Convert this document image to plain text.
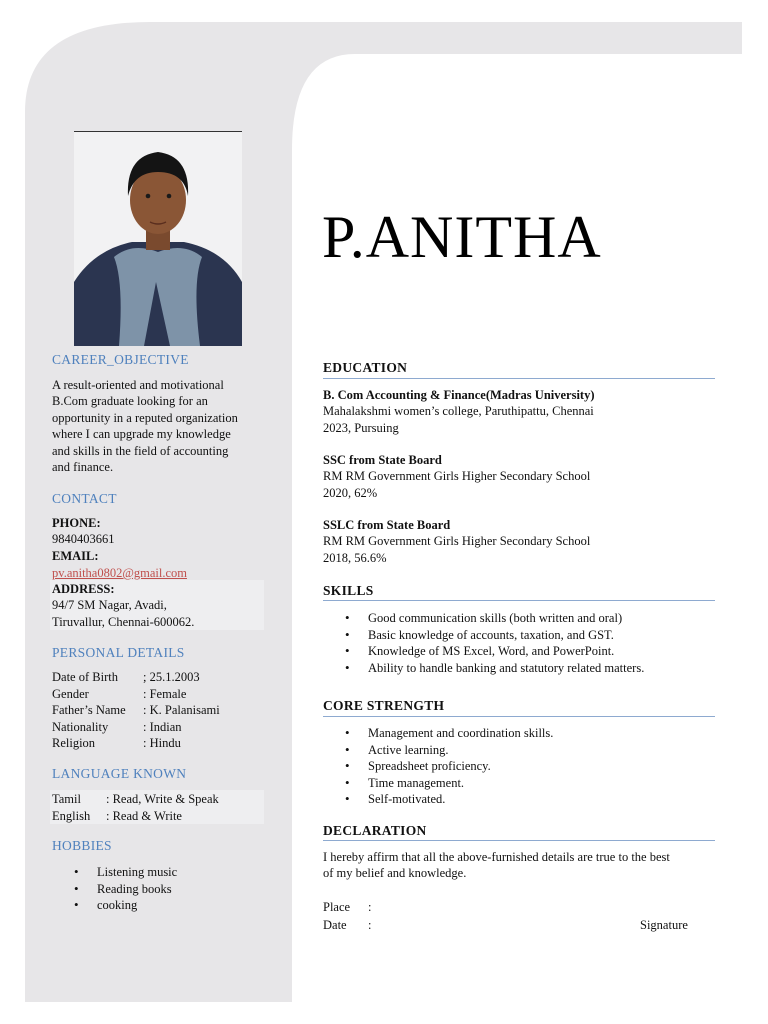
CAREER_OBJECTIVE
A result-oriented and motivational
B.Com graduate looking for an
opportunity in a reputed organization
where I can upgrade my knowledge
and skills in the field of accounting
and finance.
CONTACT
PHONE:
9840403661
EMAIL:
pv.anitha0802@gmail.com
ADDRESS:
94/7 SM Nagar, Avadi,
Tiruvallur, Chennai-600062.
PERSONAL DETAILS
Date of Birth ; 25.1.2003
Gender	: Female
Father’s Name : K. Palanisami
Nationality	: Indian
Religion	: Hindu
LANGUAGE KNOWN
Tamil : Read, Write & Speak
English : Read & Write
HOBBIES
• Listening music
• Reading books
• cooking
P.ANITHA
EDUCATION
B. Com Accounting & Finance(Madras University)
Mahalakshmi women’s college, Paruthipattu, Chennai
2023, Pursuing
SSC from State Board
RM RM Government Girls Higher Secondary School
2020, 62%
SSLC from State Board
RM RM Government Girls Higher Secondary School
2018, 56.6%
SKILLS
• Good communication skills (both written and oral)
• Basic knowledge of accounts, taxation, and GST.
• Knowledge of MS Excel, Word, and PowerPoint.
• Ability to handle banking and statutory related matters.
CORE STRENGTH
• Management and coordination skills.
• Active learning.
• Spreadsheet proficiency.
• Time management.
• Self-motivated.
DECLARATION
I hereby affirm that all the above-furnished details are true to the best
of my belief and knowledge.
Place :
Date :	Signature
